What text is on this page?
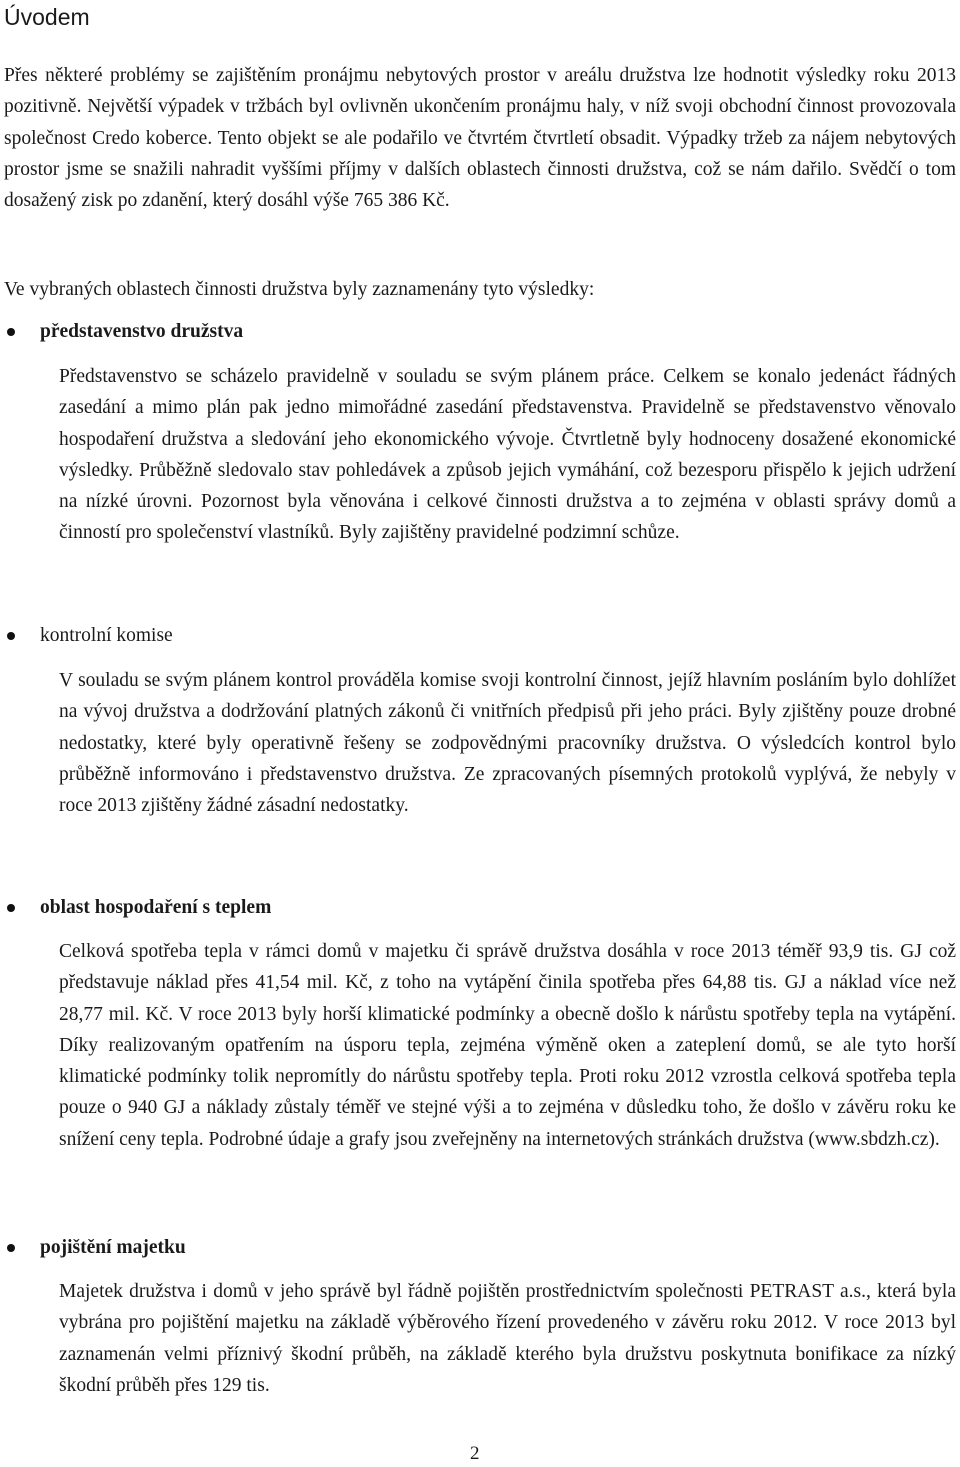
Úvodem

Přes některé problémy se zajištěním pronájmu nebytových prostor v areálu družstva lze hodnotit výsledky roku 2013 pozitivně. Největší výpadek v tržbách byl ovlivněn ukončením pronájmu haly, v níž svoji obchodní činnost provozovala společnost Credo koberce. Tento objekt se ale podařilo ve čtvrtém čtvrtletí obsadit. Výpadky tržeb za nájem nebytových prostor jsme se snažili nahradit vyššími příjmy v dalších oblastech činnosti družstva, což se nám dařilo. Svědčí o tom dosažený zisk po zdanění, který dosáhl výše 765 386 Kč.

Ve vybraných oblastech činnosti družstva byly zaznamenány tyto výsledky:

představenstvo družstva

Představenstvo se scházelo pravidelně v souladu se svým plánem práce. Celkem se konalo jedenáct řádných zasedání a mimo plán pak jedno mimořádné zasedání představenstva. Pravidelně se představenstvo věnovalo hospodaření družstva a sledování jeho ekonomického vývoje. Čtvrtletně byly hodnoceny dosažené ekonomické výsledky. Průběžně sledovalo stav pohledávek a způsob jejich vymáhání, což bezesporu přispělo k jejich udržení na nízké úrovni. Pozornost byla věnována i celkové činnosti družstva a to zejména v oblasti správy domů a činností pro společenství vlastníků. Byly zajištěny pravidelné podzimní schůze.

kontrolní komise

V souladu se svým plánem kontrol prováděla komise svoji kontrolní činnost, jejíž hlavním posláním bylo dohlížet na vývoj družstva a dodržování platných zákonů či vnitřních předpisů při jeho práci. Byly zjištěny pouze drobné nedostatky, které byly operativně řešeny se zodpovědnými pracovníky družstva. O výsledcích kontrol bylo průběžně informováno i představenstvo družstva. Ze zpracovaných písemných protokolů vyplývá, že nebyly v roce 2013 zjištěny žádné zásadní nedostatky.

oblast hospodaření s teplem

Celková spotřeba tepla v rámci domů v majetku či správě družstva dosáhla v roce 2013 téměř 93,9 tis. GJ což představuje náklad přes 41,54 mil. Kč, z toho na vytápění činila spotřeba přes 64,88 tis. GJ a náklad více než 28,77 mil. Kč. V roce 2013 byly horší klimatické podmínky a obecně došlo k nárůstu spotřeby tepla na vytápění. Díky realizovaným opatřením na úsporu tepla, zejména výměně oken a zateplení domů, se ale tyto horší klimatické podmínky tolik nepromítly do nárůstu spotřeby tepla. Proti roku 2012 vzrostla celková spotřeba tepla pouze o 940 GJ a náklady zůstaly téměř ve stejné výši a to zejména v důsledku toho, že došlo v závěru roku ke snížení ceny tepla. Podrobné údaje a grafy jsou zveřejněny na internetových stránkách družstva (www.sbdzh.cz).

pojištění majetku

Majetek družstva i domů v jeho správě byl řádně pojištěn prostřednictvím společnosti PETRAST a.s., která byla vybrána pro pojištění majetku na základě výběrového řízení provedeného v závěru roku 2012. V roce 2013 byl zaznamenán velmi příznivý škodní průběh, na základě kterého byla družstvu poskytnuta bonifikace za nízký škodní průběh přes 129 tis.

2
